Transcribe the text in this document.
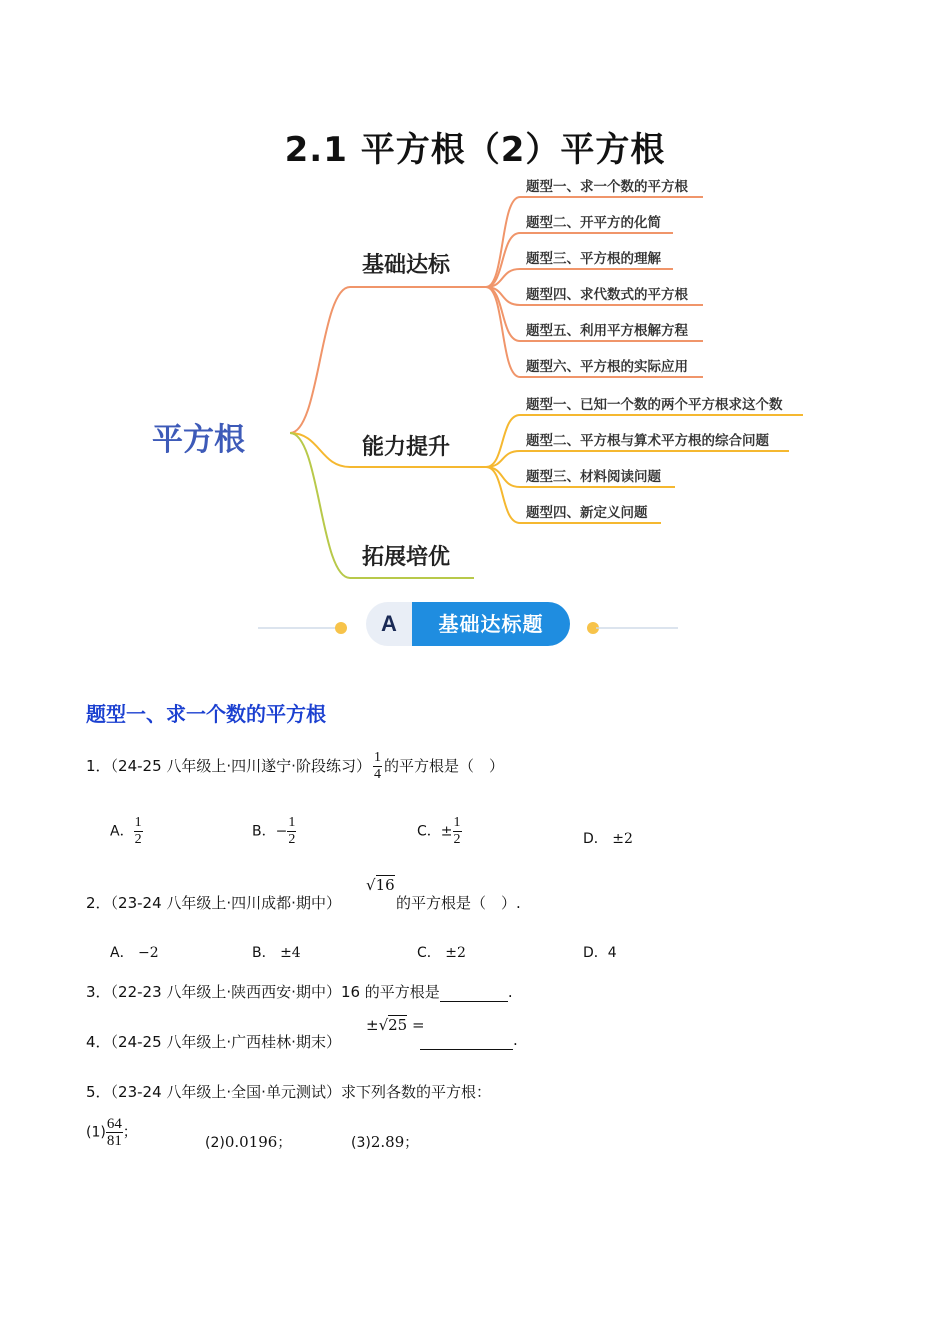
2.1 平方根（2）平方根
平方根
基础达标
能力提升
拓展培优
题型一、求一个数的平方根
题型二、开平方的化简
题型三、平方根的理解
题型四、求代数式的平方根
题型五、利用平方根解方程
题型六、平方根的实际应用
题型一、已知一个数的两个平方根求这个数
题型二、平方根与算术平方根的综合问题
题型三、材料阅读问题
题型四、新定义问题
A	基础达标题
题型一、求一个数的平方根
1．（24-25 八年级上·四川遂宁·阶段练习） $\frac{1}{4}$ 的平方根是（　）
A． $\frac{1}{2}$	B．− $\frac{1}{2}$	C．± $\frac{1}{2}$	D． ±2
2．（23-24 八年级上·四川成都·期中）
√16
的平方根是（　）.
A． −2	B． ±4	C． ±2	D．4
3．（22-23 八年级上·陕西西安·期中）16 的平方根是	.
4．（24-25 八年级上·广西桂林·期末）
±√25 =
.
5．（23-24 八年级上·全国·单元测试）求下列各数的平方根：
$(1) \frac{64}{81}$ ；
(2)0.0196；	(3)2.89；
